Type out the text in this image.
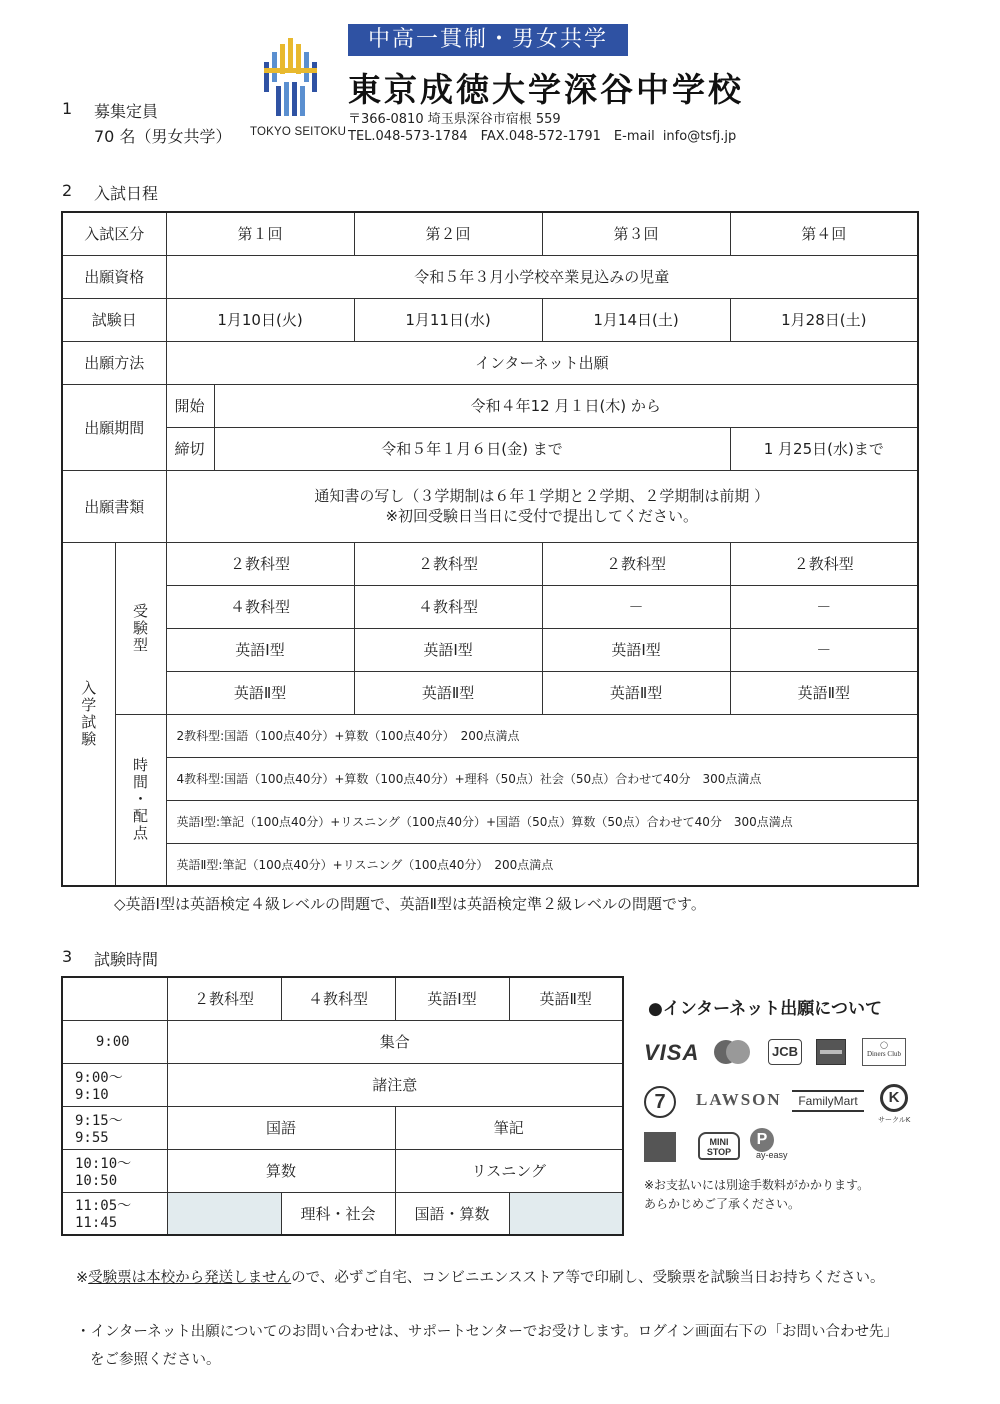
TOKYO SEITOKU
中高一貫制・男女共学
東京成徳大学深谷中学校
〒366-0810 埼玉県深谷市宿根 559
TEL.048-573-1784　FAX.048-572-1791　E-mail info@tsfj.jp
1 募集定員
70 名（男女共学）
2 入試日程
入試区分		第１回		第２回	第３回	第４回
出願資格		令和５年３月小学校卒業見込みの児童				
試験日		1月10日(火)		1月11日(水)	1月14日(土)	1月28日(土)
出願方法		インターネット出願				
出願期間		開始	令和４年12 月１日(木) から			
		締切	令和５年１月６日(金) まで			1 月25日(水)まで
出願書類		通知書の写し（３学期制は６年１学期と２学期、２学期制は前期 ）
※初回受験日当日に受付で提出してください。				

入学試験	受験型	２教科型		２教科型	２教科型	２教科型
		４教科型		４教科型	－	－
		英語Ⅰ型		英語Ⅰ型	英語Ⅰ型	－
		英語Ⅱ型		英語Ⅱ型	英語Ⅱ型	英語Ⅱ型
	時間・配点	2教科型:国語（100点40分）+算数（100点40分）　200点満点				
		4教科型:国語（100点40分）+算数（100点40分）+理科（50点）社会（50点）合わせて40分　300点満点				
		英語Ⅰ型:筆記（100点40分）+リスニング（100点40分）+国語（50点）算数（50点）合わせて40分　300点満点				
		英語Ⅱ型:筆記（100点40分）+リスニング（100点40分）　200点満点				
◇英語Ⅰ型は英語検定４級レベルの問題で、英語Ⅱ型は英語検定準２級レベルの問題です。
3 試験時間
	２教科型	４教科型	英語Ⅰ型	英語Ⅱ型
9:00	集合			
9:00～ 9:10	諸注意			
9:15～ 9:55	国語		筆記	
10:10～10:50	算数		リスニング	
11:05～11:45		理科・社会	国語・算数	
●インターネット出願について
VISA	JCB	◯
Diners Club
7	LAWSON	FamilyMart	K
サークルK
MINI STOP
P
ay-easy
※お支払いには別途手数料がかかります。
あらかじめご了承ください。
※受験票は本校から発送しませんので、必ずご自宅、コンビニエンスストア等で印刷し、受験票を試験当日お持ちください。
・インターネット出願についてのお問い合わせは、サポートセンターでお受けします。ログイン画面右下の「お問い合わせ先」
をご参照ください。
